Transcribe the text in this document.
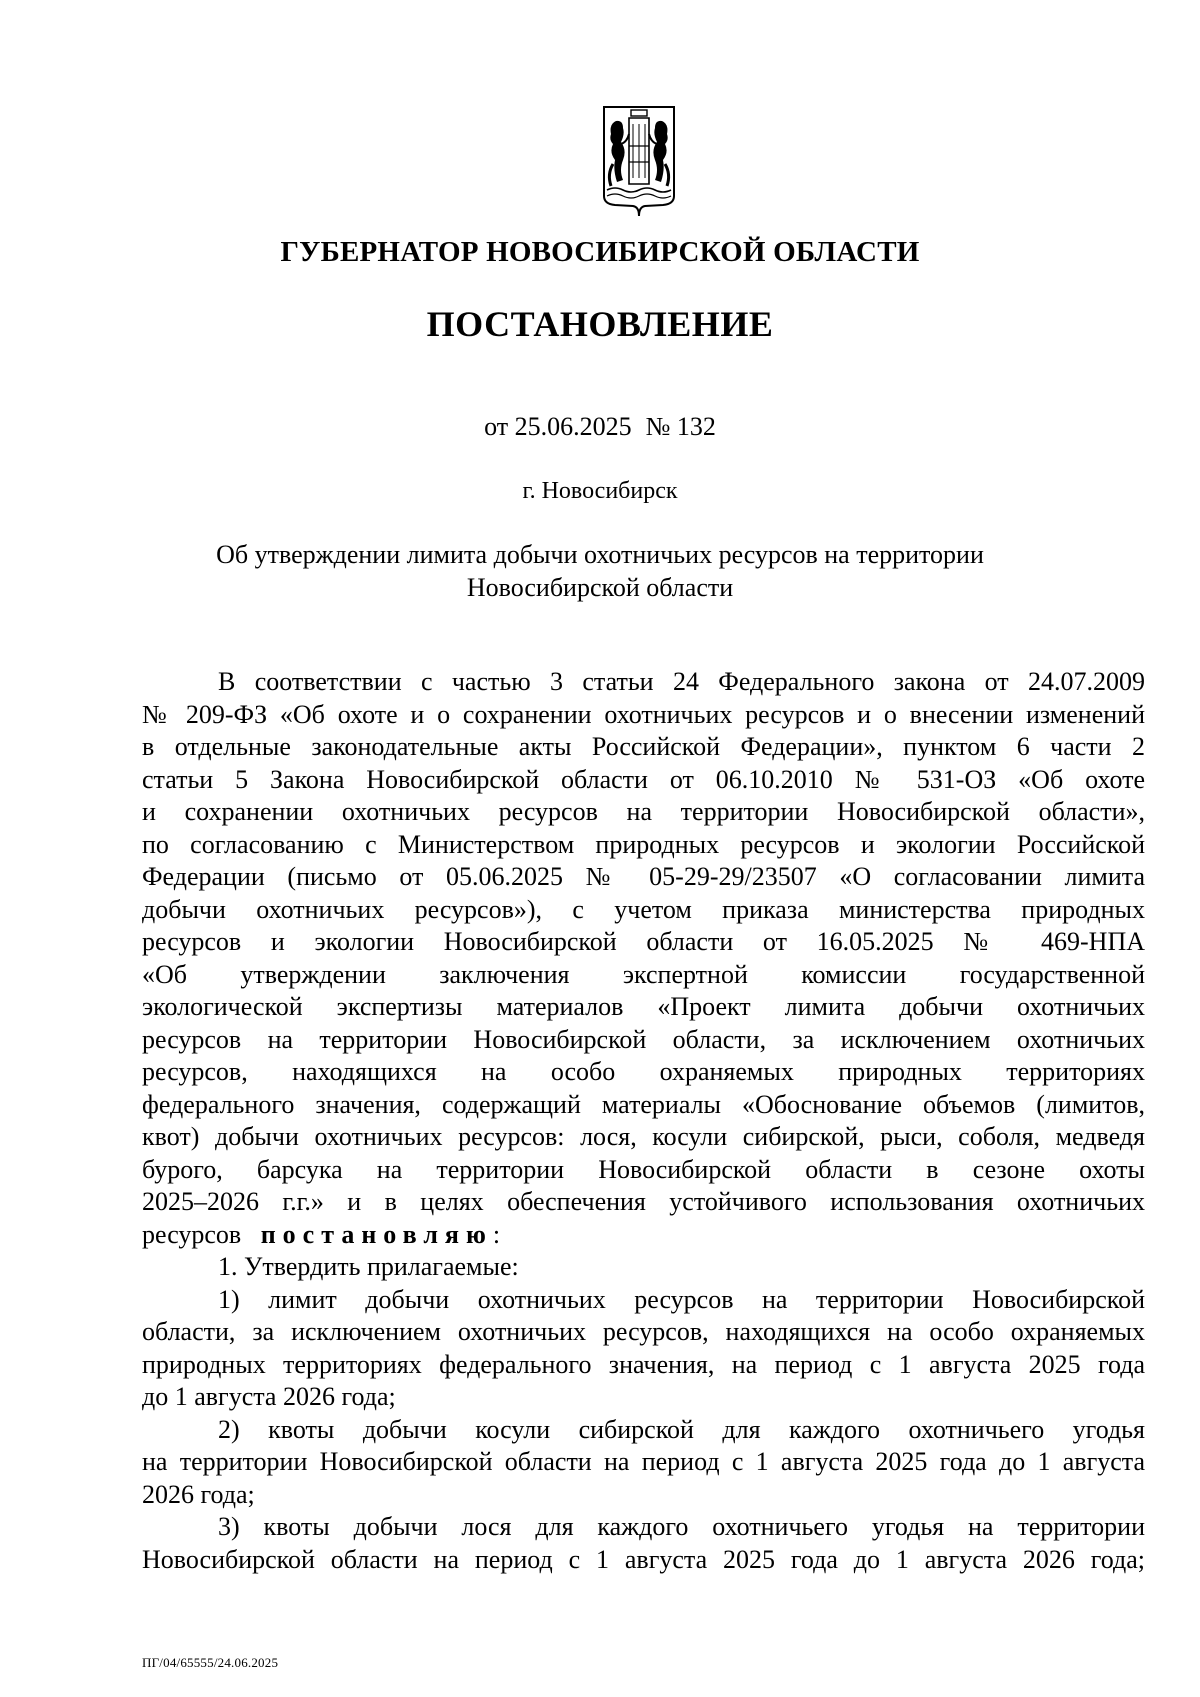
ГУБЕРНАТОР НОВОСИБИРСКОЙ ОБЛАСТИ
ПОСТАНОВЛЕНИЕ
от 25.06.2025 № 132
г. Новосибирск
Об утверждении лимита добычи охотничьих ресурсов на территории
Новосибирской области
В соответствии с частью 3 статьи 24 Федерального закона от 24.07.2009
№ 209-ФЗ «Об охоте и о сохранении охотничьих ресурсов и о внесении изменений
в отдельные законодательные акты Российской Федерации», пунктом 6 части 2
статьи 5 Закона Новосибирской области от 06.10.2010 № 531-ОЗ «Об охоте
и сохранении охотничьих ресурсов на территории Новосибирской области»,
по согласованию с Министерством природных ресурсов и экологии Российской
Федерации (письмо от 05.06.2025 № 05-29-29/23507 «О согласовании лимита
добычи охотничьих ресурсов»), с учетом приказа министерства природных
ресурсов и экологии Новосибирской области от 16.05.2025 № 469-НПА
«Об утверждении заключения экспертной комиссии государственной
экологической экспертизы материалов «Проект лимита добычи охотничьих
ресурсов на территории Новосибирской области, за исключением охотничьих
ресурсов, находящихся на особо охраняемых природных территориях
федерального значения, содержащий материалы «Обоснование объемов (лимитов,
квот) добычи охотничьих ресурсов: лося, косули сибирской, рыси, соболя, медведя
бурого, барсука на территории Новосибирской области в сезоне охоты
2025–2026 г.г.» и в целях обеспечения устойчивого использования охотничьих
ресурсов постановляю:
1. Утвердить прилагаемые:
1) лимит добычи охотничьих ресурсов на территории Новосибирской
области, за исключением охотничьих ресурсов, находящихся на особо охраняемых
природных территориях федерального значения, на период с 1 августа 2025 года
до 1 августа 2026 года;
2) квоты добычи косули сибирской для каждого охотничьего угодья
на территории Новосибирской области на период с 1 августа 2025 года до 1 августа
2026 года;
3) квоты добычи лося для каждого охотничьего угодья на территории
Новосибирской области на период с 1 августа 2025 года до 1 августа 2026 года;
ПГ/04/65555/24.06.2025
